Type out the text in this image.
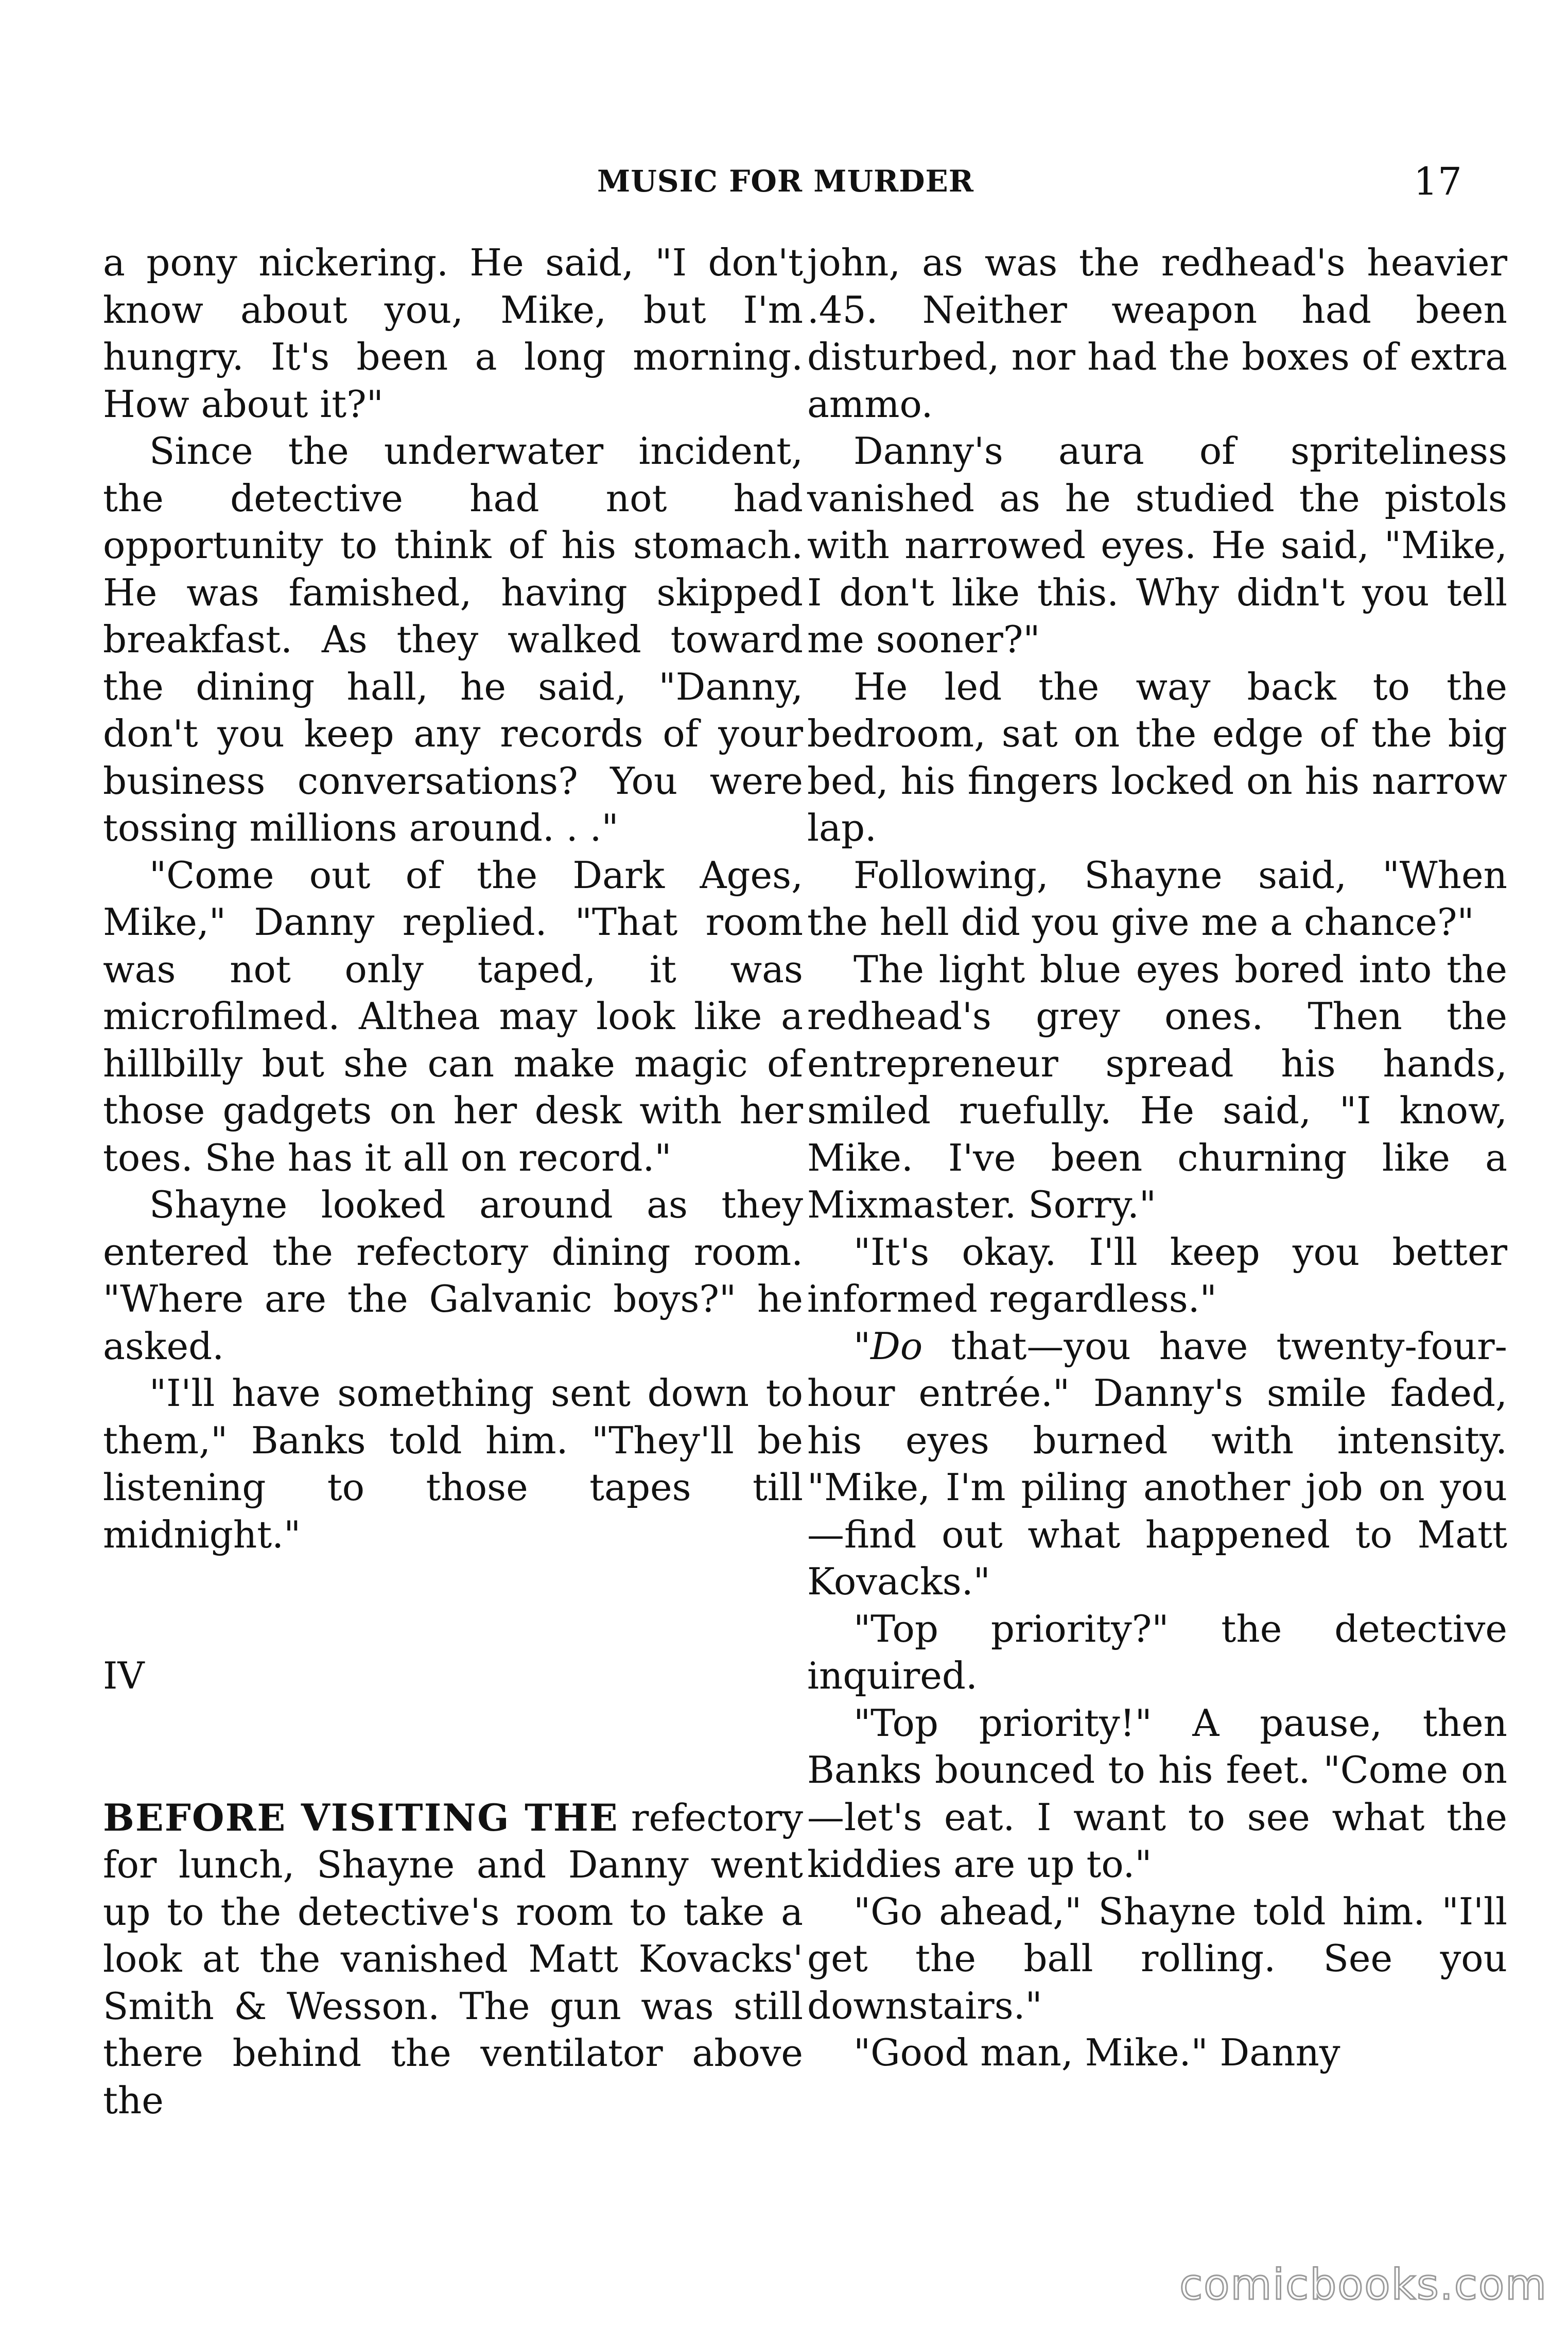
MUSIC FOR MURDER	17

a pony nickering. He said, "I don't know about you, Mike, but I'm hungry. It's been a long morning. How about it?"

Since the underwater incident, the detective had not had opportunity to think of his stomach. He was famished, having skipped breakfast. As they walked toward the dining hall, he said, "Danny, don't you keep any records of your business conversations? You were tossing millions around. . ."

"Come out of the Dark Ages, Mike," Danny replied. "That room was not only taped, it was microfilmed. Althea may look like a hillbilly but she can make magic of those gadgets on her desk with her toes. She has it all on record."

Shayne looked around as they entered the refectory dining room. "Where are the Galvanic boys?" he asked.

"I'll have something sent down to them," Banks told him. "They'll be listening to those tapes till midnight."

IV

BEFORE VISITING THE refectory for lunch, Shayne and Danny went up to the detective's room to take a look at the vanished Matt Kovacks' Smith & Wesson. The gun was still there behind the ventilator above the

john, as was the redhead's heavier .45. Neither weapon had been disturbed, nor had the boxes of extra ammo.

Danny's aura of spriteliness vanished as he studied the pistols with narrowed eyes. He said, "Mike, I don't like this. Why didn't you tell me sooner?"

He led the way back to the bedroom, sat on the edge of the big bed, his fingers locked on his narrow lap.

Following, Shayne said, "When the hell did you give me a chance?"

The light blue eyes bored into the redhead's grey ones. Then the entrepreneur spread his hands, smiled ruefully. He said, "I know, Mike. I've been churning like a Mixmaster. Sorry."

"It's okay. I'll keep you better informed regardless."

"Do that—you have twenty-four-hour entrée." Danny's smile faded, his eyes burned with intensity. "Mike, I'm piling another job on you—find out what happened to Matt Kovacks."

"Top priority?" the detective inquired.

"Top priority!" A pause, then Banks bounced to his feet. "Come on—let's eat. I want to see what the kiddies are up to."

"Go ahead," Shayne told him. "I'll get the ball rolling. See you downstairs."

"Good man, Mike." Danny

comicbooks.com
